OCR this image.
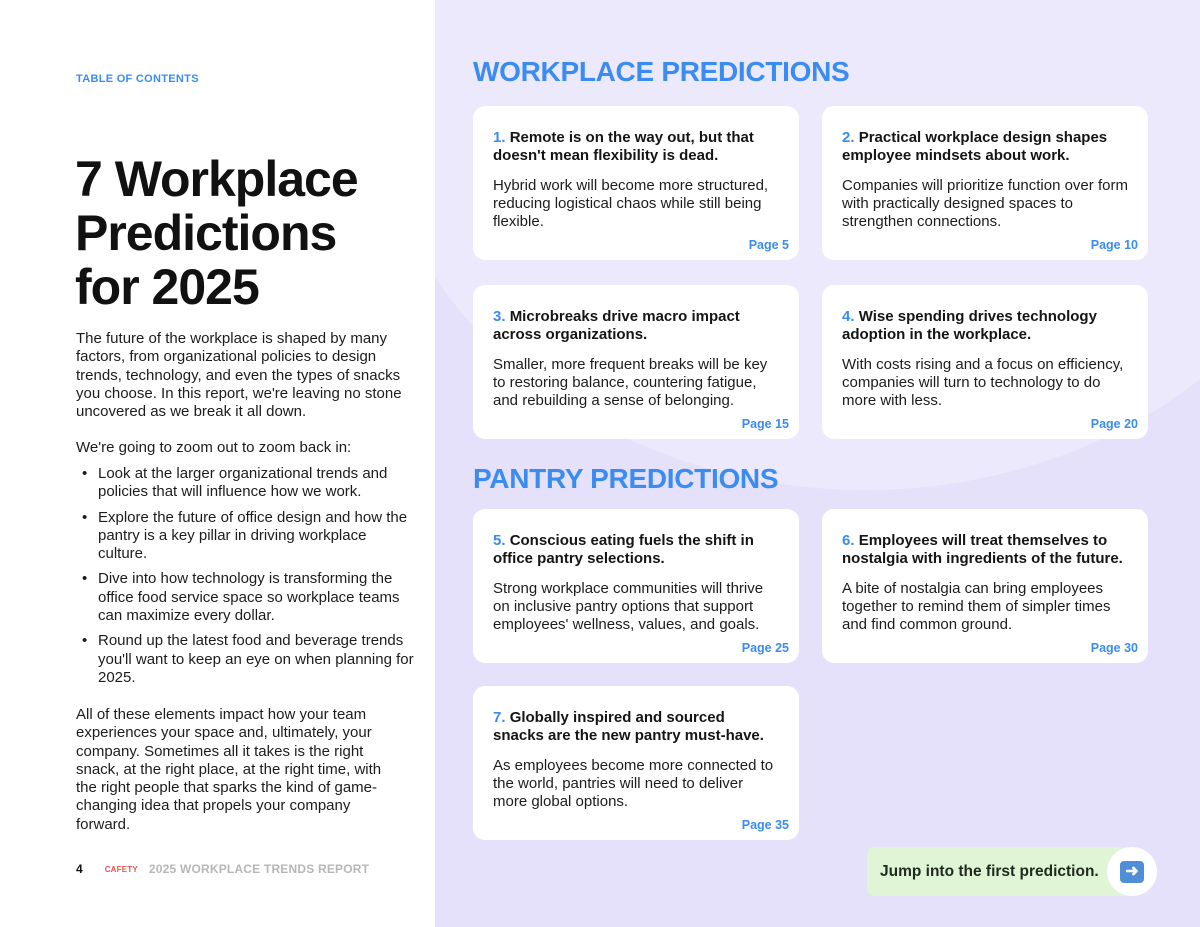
TABLE OF CONTENTS
7 Workplace
Predictions
for 2025

The future of the workplace is shaped by many factors, from organizational policies to design trends, technology, and even the types of snacks you choose. In this report, we're leaving no stone uncovered as we break it all down.

We're going to zoom out to zoom back in:

• Look at the larger organizational trends and policies that will influence how we work.
• Explore the future of office design and how the pantry is a key pillar in driving workplace culture.
• Dive into how technology is transforming the office food service space so workplace teams can maximize every dollar.
• Round up the latest food and beverage trends you'll want to keep an eye on when planning for 2025.

All of these elements impact how your team experiences your space and, ultimately, your company. Sometimes all it takes is the right snack, at the right place, at the right time, with the right people that sparks the kind of game-changing idea that propels your company forward.

4	CAFETY 2025 WORKPLACE TRENDS REPORT
WORKPLACE PREDICTIONS
PANTRY PREDICTIONS
1. Remote is on the way out, but that doesn't mean flexibility is dead.
Hybrid work will become more structured, reducing logistical chaos while still being flexible.
Page 5
2. Practical workplace design shapes employee mindsets about work.
Companies will prioritize function over form with practically designed spaces to strengthen connections.
Page 10
3. Microbreaks drive macro impact across organizations.
Smaller, more frequent breaks will be key to restoring balance, countering fatigue, and rebuilding a sense of belonging.
Page 15
4. Wise spending drives technology adoption in the workplace.
With costs rising and a focus on efficiency, companies will turn to technology to do more with less.
Page 20
5. Conscious eating fuels the shift in office pantry selections.
Strong workplace communities will thrive on inclusive pantry options that support employees' wellness, values, and goals.
Page 25
6. Employees will treat themselves to nostalgia with ingredients of the future.
A bite of nostalgia can bring employees together to remind them of simpler times and find common ground.
Page 30
7. Globally inspired and sourced snacks are the new pantry must-have.
As employees become more connected to the world, pantries will need to deliver more global options.
Page 35
Jump into the first prediction.	➜
